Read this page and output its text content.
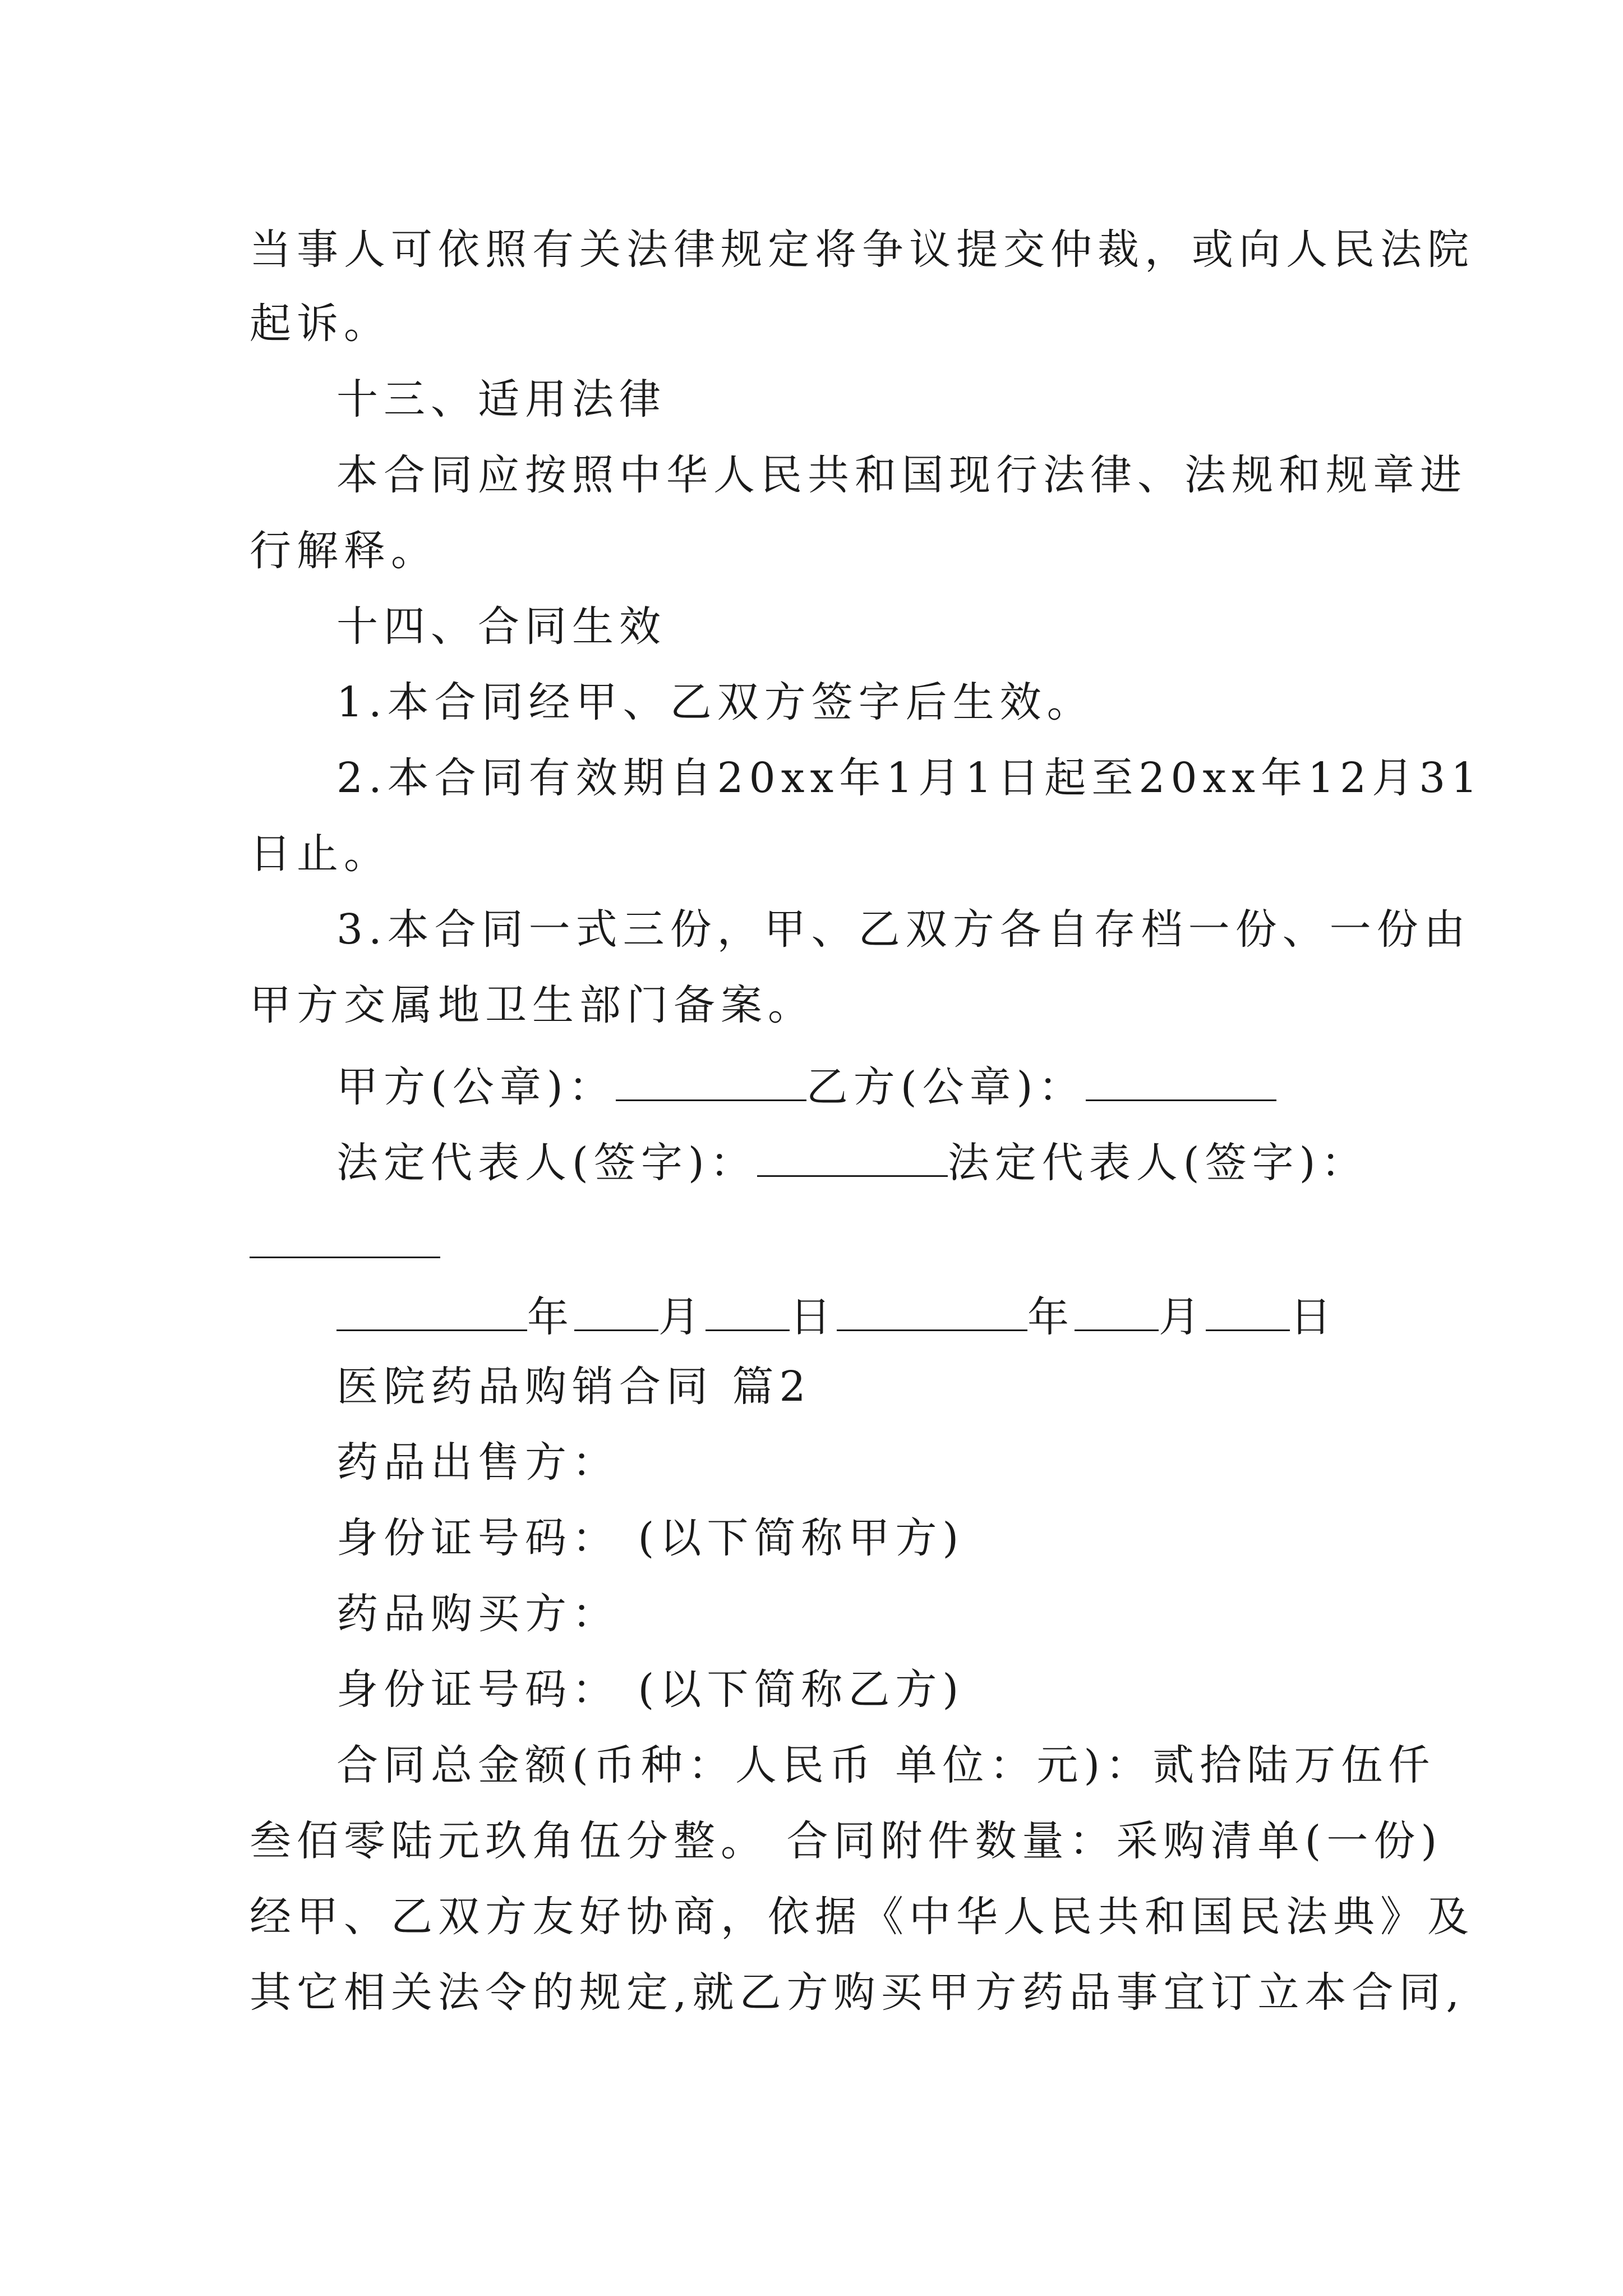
当事人可依照有关法律规定将争议提交仲裁，或向人民法院
起诉。
十三、适用法律
本合同应按照中华人民共和国现行法律、法规和规章进
行解释。
十四、合同生效
1.本合同经甲、乙双方签字后生效。
2.本合同有效期自20xx年1月1日起至20xx年12月31
日止。
3.本合同一式三份，甲、乙双方各自存档一份、一份由
甲方交属地卫生部门备案。
甲方(公章)：	乙方(公章)：
法定代表人(签字)：	法定代表人(签字)：
年 月 日	年 月 日
医院药品购销合同 篇2
药品出售方：
身份证号码： (以下简称甲方)
药品购买方：
身份证号码： (以下简称乙方)
合同总金额(币种：人民币 单位：元)：贰拾陆万伍仟
叁佰零陆元玖角伍分整。 合同附件数量：采购清单(一份)
经甲、乙双方友好协商，依据《中华人民共和国民法典》及
其它相关法令的规定,就乙方购买甲方药品事宜订立本合同,
